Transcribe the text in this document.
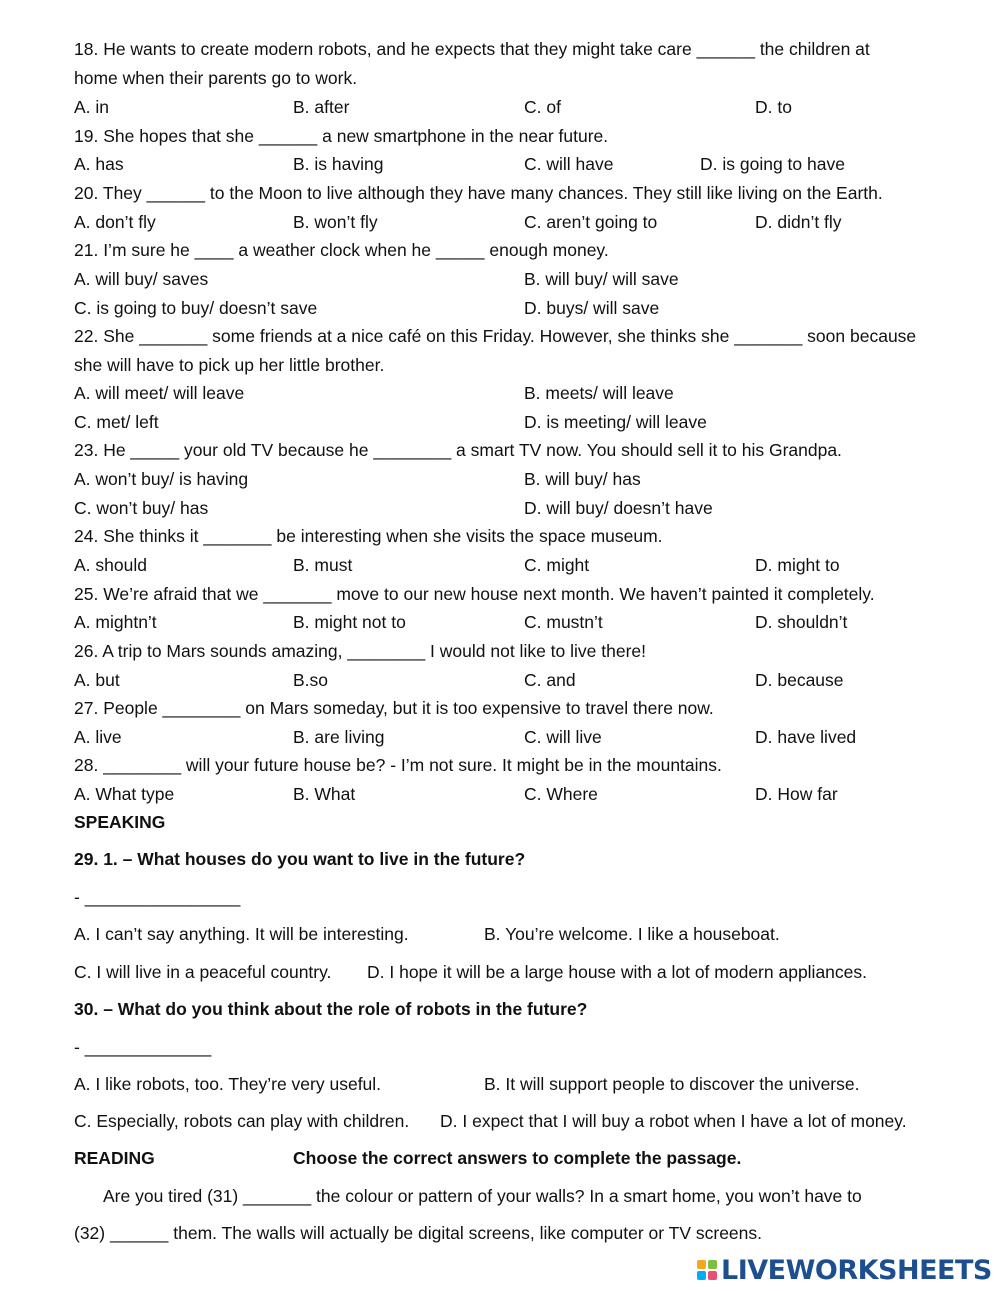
18. He wants to create modern robots, and he expects that they might take care ______ the children at
home when their parents go to work.
A. in	B. after	C. of	D. to
19. She hopes that she ______ a new smartphone in the near future.
A. has	B. is having	C. will have	D. is going to have
20. They ______ to the Moon to live although they have many chances. They still like living on the Earth.
A. don’t fly	B. won’t fly	C. aren’t going to	D. didn’t fly
21. I’m sure he ____ a weather clock when he _____ enough money.
A. will buy/ saves	B. will buy/ will save
C. is going to buy/ doesn’t save	D. buys/ will save
22. She _______ some friends at a nice café on this Friday. However, she thinks she _______ soon because
she will have to pick up her little brother.
A. will meet/ will leave	B. meets/ will leave
C. met/ left	D. is meeting/ will leave
23. He _____ your old TV because he ________ a smart TV now. You should sell it to his Grandpa.
A. won’t buy/ is having	B. will buy/ has
C. won’t buy/ has	D. will buy/ doesn’t have
24. She thinks it _______ be interesting when she visits the space museum.
A. should	B. must	C. might	D. might to
25. We’re afraid that we _______ move to our new house next month. We haven’t painted it completely.
A. mightn’t	B. might not to	C. mustn’t	D. shouldn’t
26. A trip to Mars sounds amazing, ________ I would not like to live there!
A. but	B.so	C. and	D. because
27. People ________ on Mars someday, but it is too expensive to travel there now.
A. live	B. are living	C. will live	D. have lived
28. ________ will your future house be? - I’m not sure. It might be in the mountains.
A. What type	B. What	C. Where	D. How far
SPEAKING
29. 1. – What houses do you want to live in the future?
- ________________
A. I can’t say anything. It will be interesting.	B. You’re welcome. I like a houseboat.
C. I will live in a peaceful country. D. I hope it will be a large house with a lot of modern appliances.
30. – What do you think about the role of robots in the future?
- _____________
A. I like robots, too. They’re very useful.	B. It will support people to discover the universe.
C. Especially, robots can play with children. D. I expect that I will buy a robot when I have a lot of money.
READING	Choose the correct answers to complete the passage.
Are you tired (31) _______ the colour or pattern of your walls? In a smart home, you won’t have to
(32) ______ them. The walls will actually be digital screens, like computer or TV screens.
LIVEWORKSHEETS
